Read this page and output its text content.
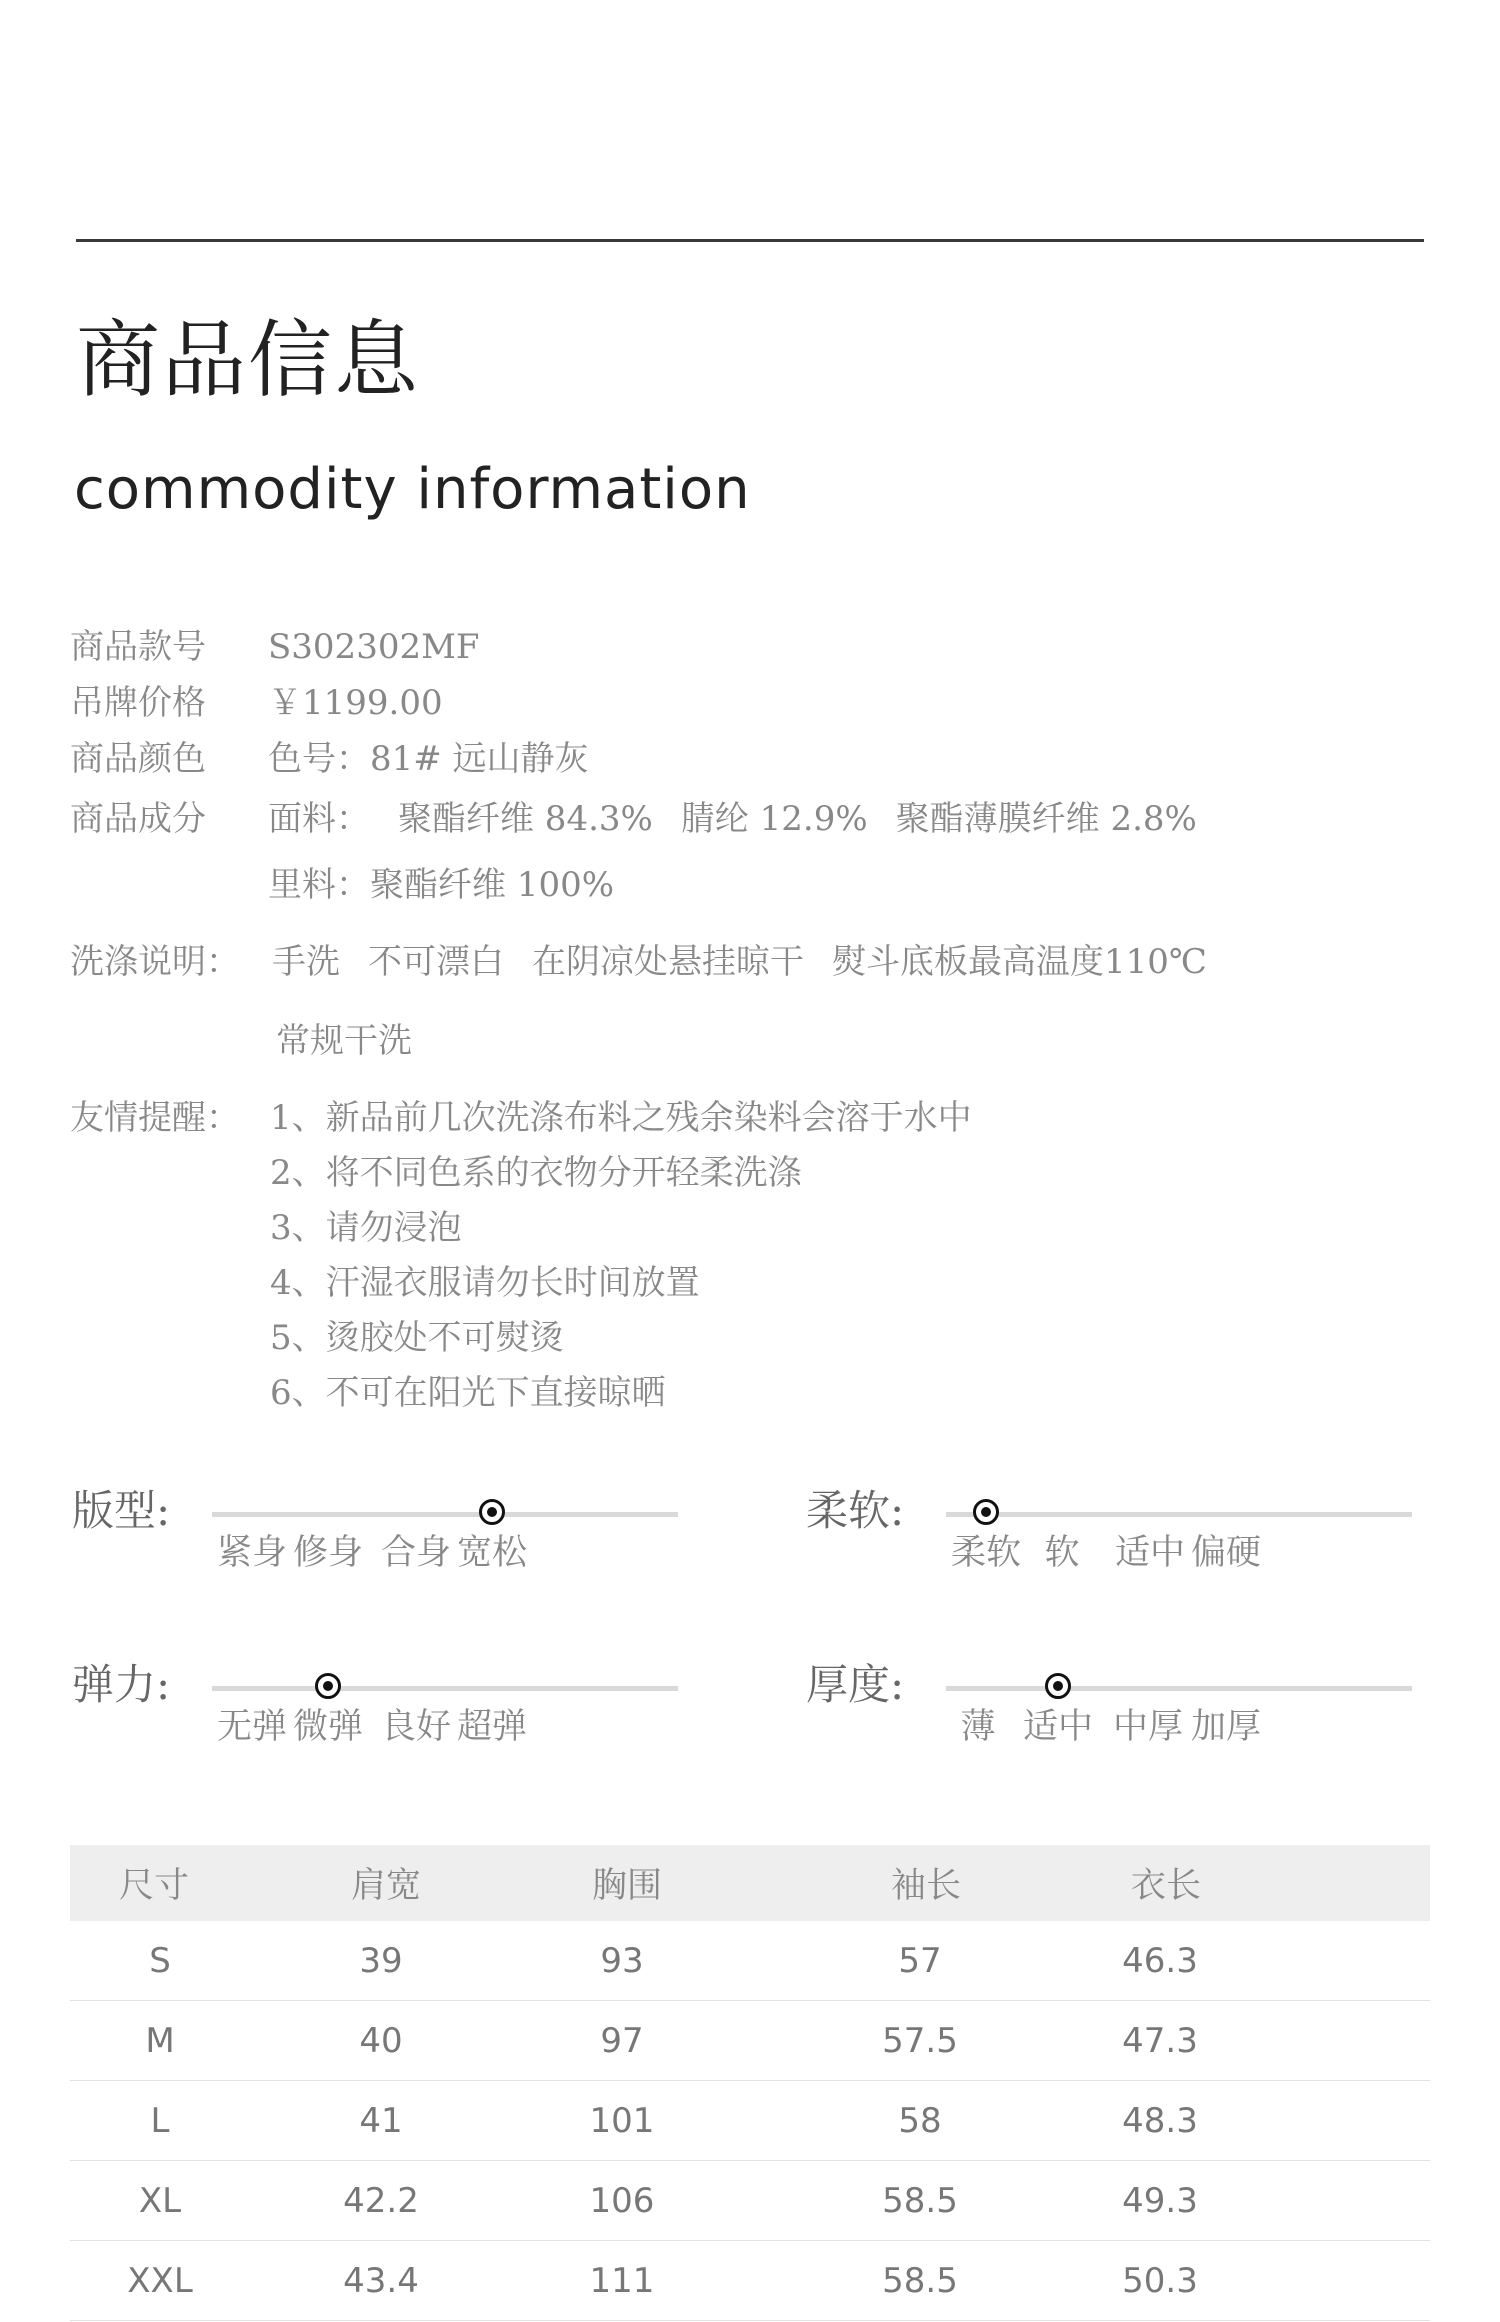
商品信息
commodity information
商品款号 S302302MF
吊牌价格 ￥1199.00
商品颜色 色号：81# 远山静灰
商品成分 面料： 聚酯纤维 84.3% 腈纶 12.9% 聚酯薄膜纤维 2.8%
里料：聚酯纤维 100%
洗涤说明： 手洗 不可漂白 在阴凉处悬挂晾干 熨斗底板最高温度110℃
常规干洗
友情提醒： 1、新品前几次洗涤布料之残余染料会溶于水中
2、将不同色系的衣物分开轻柔洗涤
3、请勿浸泡
4、汗湿衣服请勿长时间放置
5、烫胶处不可熨烫
6、不可在阳光下直接晾晒
版型:
紧身 修身 合身 宽松
柔软:
柔软 软 适中 偏硬
弹力:
无弹 微弹 良好 超弹
厚度:
薄 适中 中厚 加厚
尺寸	肩宽	胸围	袖长	衣长
S	39	93	57	46.3
M	40	97	57.5	47.3
L	41	101	58	48.3
XL	42.2	106	58.5	49.3
XXL	43.4	111	58.5	50.3
